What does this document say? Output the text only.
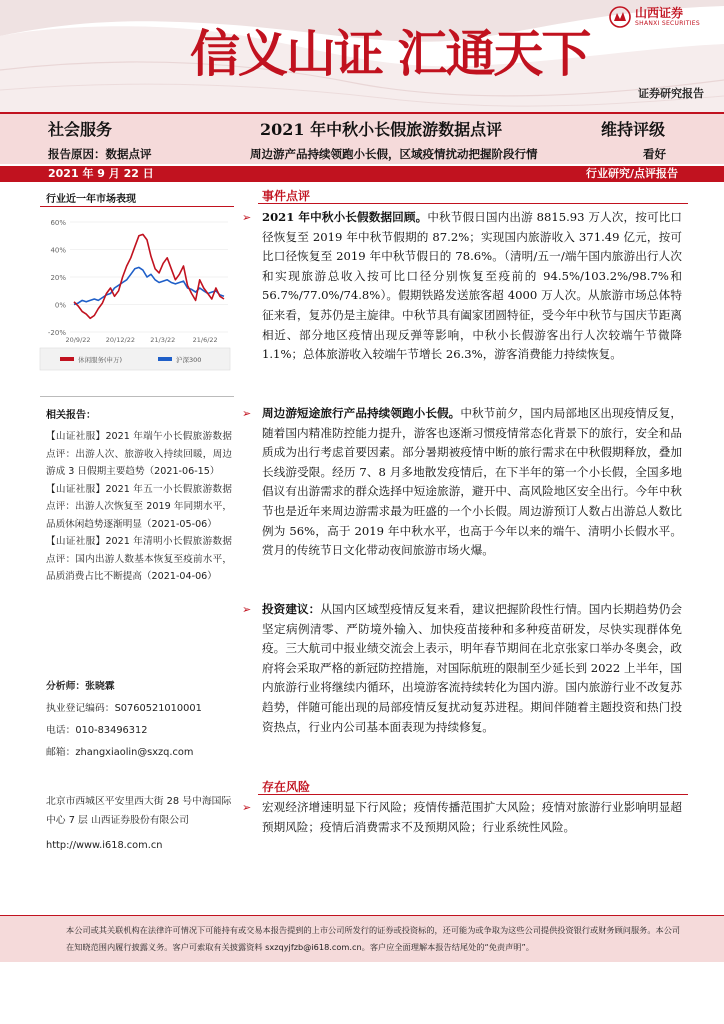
信义山证 汇通天下
山西证券
SHANXI SECURITIES
证券研究报告
社会服务	2021 年中秋小长假旅游数据点评	维持评级
报告原因：数据点评	周边游产品持续领跑小长假，区域疫情扰动把握阶段行情	看好
2021 年 9 月 22 日	行业研究/点评报告
行业近一年市场表现
60%
40%
20%
0%
-20%
20/9/22 20/12/22 21/3/22	21/6/22
休闲服务(申万)	沪深300
相关报告：

【山证社服】2021 年端午小长假旅游数据点评：出游人次、旅游收入持续回暖，周边游成 3 日假期主要趋势（2021-06-15）

【山证社服】2021 年五一小长假旅游数据点评：出游人次恢复至 2019 年同期水平，品质休闲趋势逐渐明显（2021-05-06）

【山证社服】2021 年清明小长假旅游数据点评：国内出游人数基本恢复至疫前水平，品质消费占比不断提高（2021-04-06）

分析师：张晓霖
执业登记编码：S0760521010001
电话：010-83496312
邮箱：zhangxiaolin@sxzq.com
北京市西城区平安里西大街 28 号中海国际中心 7 层 山西证券股份有限公司
http://www.i618.com.cn
事件点评
➢ 2021 年中秋小长假数据回顾。中秋节假日国内出游 8815.93 万人次，按可比口径恢复至 2019 年中秋节假期的 87.2%；实现国内旅游收入 371.49 亿元，按可比口径恢复至 2019 年中秋节假日的 78.6%。（清明/五一/端午国内旅游出行人次和实现旅游总收入按可比口径分别恢复至疫前的 94.5%/103.2%/98.7%和 56.7%/77.0%/74.8%）。假期铁路发送旅客超 4000 万人次。从旅游市场总体特征来看，复苏仍是主旋律。中秋节具有阖家团圆特征，受今年中秋节与国庆节距离相近、部分地区疫情出现反弹等影响，中秋小长假游客出行人次较端午节微降 1.1%；总体旅游收入较端午节增长 26.3%，游客消费能力持续恢复。

➢ 周边游短途旅行产品持续领跑小长假。中秋节前夕，国内局部地区出现疫情反复，随着国内精准防控能力提升，游客也逐渐习惯疫情常态化背景下的旅行，安全和品质成为出行考虑首要因素。部分暑期被疫情中断的旅行需求在中秋假期释放，叠加长线游受限。经历 7、8 月多地散发疫情后，在下半年的第一个小长假，全国多地倡议有出游需求的群众选择中短途旅游，避开中、高风险地区安全出行。今年中秋节也是近年来周边游需求最为旺盛的一个小长假。周边游预订人数占出游总人数比例为 56%，高于 2019 年中秋水平，也高于今年以来的端午、清明小长假水平。赏月的传统节日文化带动夜间旅游市场火爆。

➢ 投资建议：从国内区域型疫情反复来看，建议把握阶段性行情。国内长期趋势仍会坚定病例清零、严防境外输入、加快疫苗接种和多种疫苗研发，尽快实现群体免疫。三大航司中报业绩交流会上表示，明年春节期间在北京张家口举办冬奥会，政府将会采取严格的新冠防控措施，对国际航班的限制至少延长到 2022 上半年，国内旅游行业将继续内循环，出境游客流持续转化为国内游。国内旅游行业不改复苏趋势，伴随可能出现的局部疫情反复扰动复苏进程。期间伴随着主题投资和热门投资热点，行业内公司基本面表现为持续修复。

存在风险
➢ 宏观经济增速明显下行风险；疫情传播范围扩大风险；疫情对旅游行业影响明显超预期风险；疫情后消费需求不及预期风险；行业系统性风险。

本公司或其关联机构在法律许可情况下可能持有或交易本报告提到的上市公司所发行的证券或投资标的，还可能为或争取为这些公司提供投资银行或财务顾问服务。本公司在知晓范围内履行披露义务。客户可索取有关披露资料 sxzqyjfzb@i618.com.cn。客户应全面理解本报告结尾处的“免责声明”。
